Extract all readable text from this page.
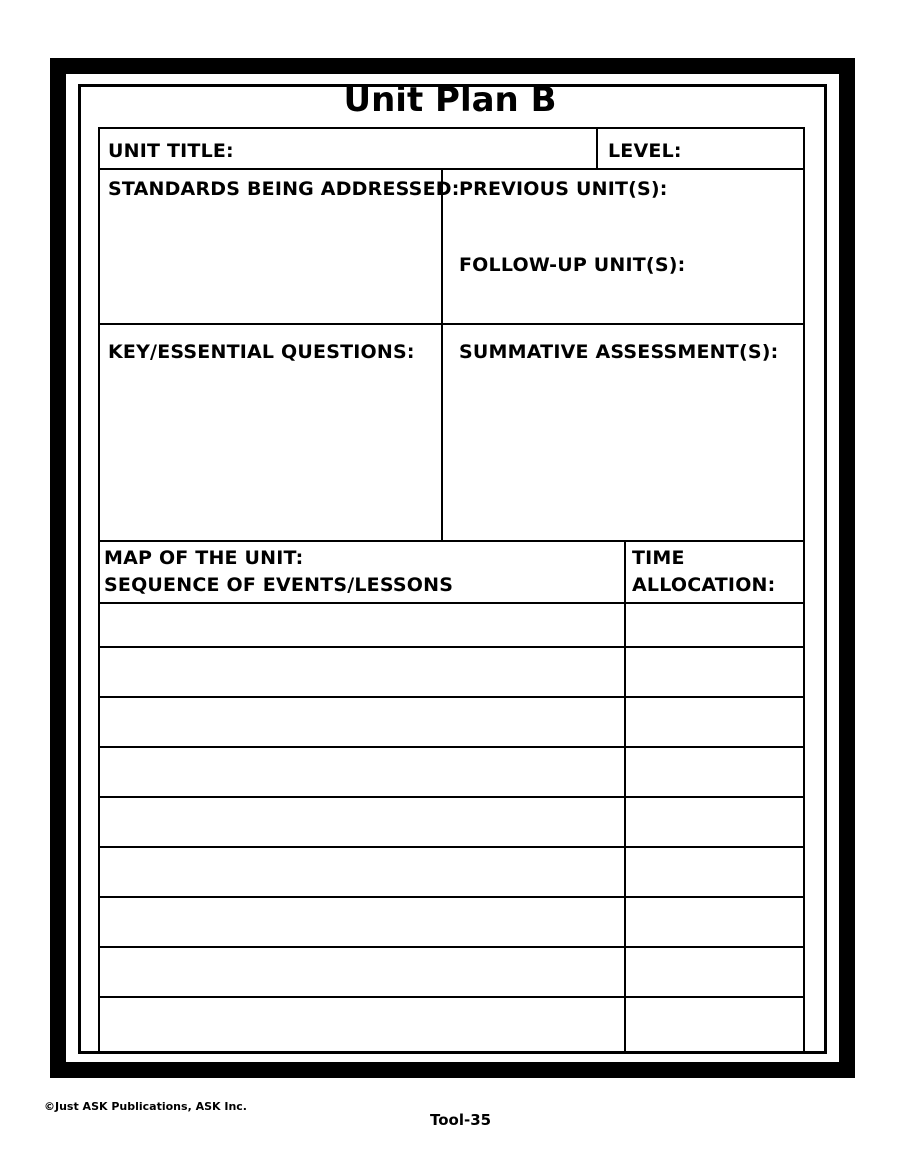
Unit Plan B
UNIT TITLE:	LEVEL:
STANDARDS BEING ADDRESSED: PREVIOUS UNIT(S):
FOLLOW-UP UNIT(S):
KEY/ESSENTIAL QUESTIONS: SUMMATIVE ASSESSMENT(S):
MAP OF THE UNIT:
SEQUENCE OF EVENTS/LESSONS
TIME
ALLOCATION:
©Just ASK Publications, ASK Inc.
Tool-35
